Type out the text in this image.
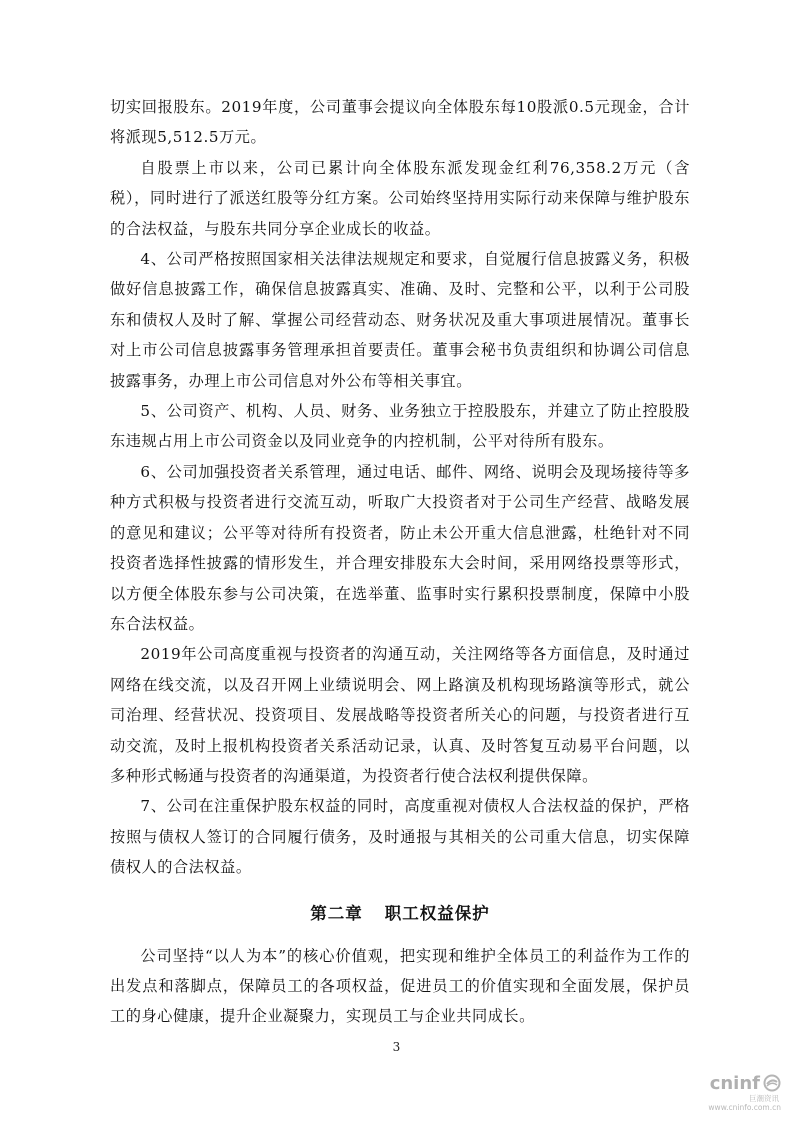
切实回报股东。2019年度，公司董事会提议向全体股东每10股派0.5元现金，合计将派现5,512.5万元。

自股票上市以来，公司已累计向全体股东派发现金红利76,358.2万元（含税），同时进行了派送红股等分红方案。公司始终坚持用实际行动来保障与维护股东的合法权益，与股东共同分享企业成长的收益。

4、公司严格按照国家相关法律法规规定和要求，自觉履行信息披露义务，积极做好信息披露工作，确保信息披露真实、准确、及时、完整和公平，以利于公司股东和债权人及时了解、掌握公司经营动态、财务状况及重大事项进展情况。董事长对上市公司信息披露事务管理承担首要责任。董事会秘书负责组织和协调公司信息披露事务，办理上市公司信息对外公布等相关事宜。

5、公司资产、机构、人员、财务、业务独立于控股股东，并建立了防止控股股东违规占用上市公司资金以及同业竞争的内控机制，公平对待所有股东。

6、公司加强投资者关系管理，通过电话、邮件、网络、说明会及现场接待等多种方式积极与投资者进行交流互动，听取广大投资者对于公司生产经营、战略发展的意见和建议；公平等对待所有投资者，防止未公开重大信息泄露，杜绝针对不同投资者选择性披露的情形发生，并合理安排股东大会时间，采用网络投票等形式，以方便全体股东参与公司决策，在选举董、监事时实行累积投票制度，保障中小股东合法权益。

2019年公司高度重视与投资者的沟通互动，关注网络等各方面信息，及时通过网络在线交流，以及召开网上业绩说明会、网上路演及机构现场路演等形式，就公司治理、经营状况、投资项目、发展战略等投资者所关心的问题，与投资者进行互动交流，及时上报机构投资者关系活动记录，认真、及时答复互动易平台问题，以多种形式畅通与投资者的沟通渠道，为投资者行使合法权利提供保障。

7、公司在注重保护股东权益的同时，高度重视对债权人合法权益的保护，严格按照与债权人签订的合同履行债务，及时通报与其相关的公司重大信息，切实保障债权人的合法权益。

第二章 职工权益保护

公司坚持“以人为本”的核心价值观，把实现和维护全体员工的利益作为工作的出发点和落脚点，保障员工的各项权益，促进员工的价值实现和全面发展，保护员工的身心健康，提升企业凝聚力，实现员工与企业共同成长。

3
cninf
巨潮资讯
www.cninfo.com.cn
